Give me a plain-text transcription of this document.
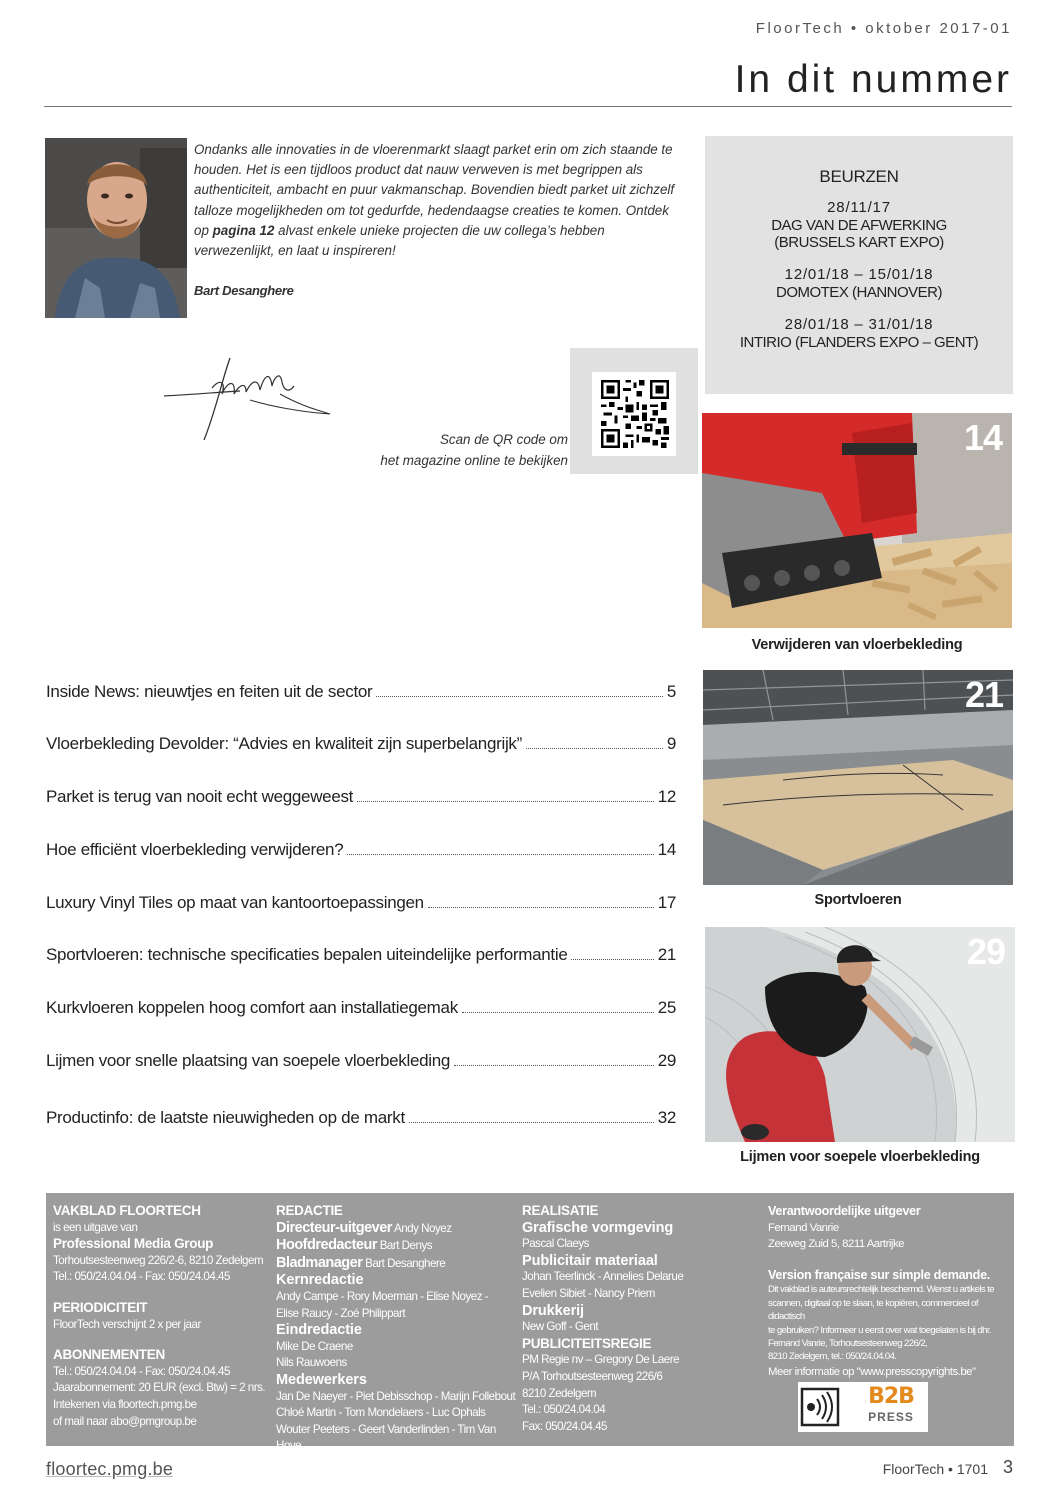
FloorTech • oktober 2017-01
In dit nummer

Ondanks alle innovaties in de vloerenmarkt slaagt parket erin om zich staande te houden. Het is een tijdloos product dat nauw verweven is met begrippen als authenticiteit, ambacht en puur vakmanschap. Bovendien biedt parket uit zichzelf talloze mogelijkheden om tot gedurfde, hedendaagse creaties te komen. Ontdek op pagina 12 alvast enkele unieke projecten die uw collega’s hebben verwezenlijkt, en laat u inspireren!

Bart Desanghere
Scan de QR code om
het magazine online te bekijken
BEURZEN
28/11/17
DAG VAN DE AFWERKING
(BRUSSELS KART EXPO)
12/01/18 – 15/01/18
DOMOTEX (HANNOVER)
28/01/18 – 31/01/18
INTIRIO (FLANDERS EXPO – GENT)
14
Verwijderen van vloerbekleding
21
Sportvloeren
29
Lijmen voor soepele vloerbekleding
Inside News: nieuwtjes en feiten uit de sector	5
Vloerbekleding Devolder: “Advies en kwaliteit zijn superbelangrijk”	9
Parket is terug van nooit echt weggeweest	12
Hoe efficiënt vloerbekleding verwijderen?	14
Luxury Vinyl Tiles op maat van kantoortoepassingen	17
Sportvloeren: technische specificaties bepalen uiteindelijke performantie	21
Kurkvloeren koppelen hoog comfort aan installatiegemak	25
Lijmen voor snelle plaatsing van soepele vloerbekleding	29
Productinfo: de laatste nieuwigheden op de markt	32
VAKBLAD FLOORTECH
is een uitgave van
Professional Media Group
Torhoutsesteenweg 226/2-6, 8210 Zedelgem
Tel.: 050/24.04.04 - Fax: 050/24.04.45
PERIODICITEIT
FloorTech verschijnt 2 x per jaar
ABONNEMENTEN
Tel.: 050/24.04.04 - Fax: 050/24.04.45
Jaarabonnement: 20 EUR (excl. Btw) = 2 nrs.
Intekenen via floortech.pmg.be
of mail naar abo@pmgroup.be
REDACTIE
Directeur-uitgever Andy Noyez
Hoofdredacteur Bart Denys
Bladmanager Bart Desanghere
Kernredactie
Andy Campe - Rory Moerman - Elise Noyez -
Elise Raucy - Zoé Philippart
Eindredactie
Mike De Craene
Nils Rauwoens
Medewerkers
Jan De Naeyer - Piet Debisschop - Marijn Follebout
Chloé Martin - Tom Mondelaers - Luc Ophals
Wouter Peeters - Geert Vanderlinden - Tim Van Hove
REALISATIE
Grafische vormgeving
Pascal Claeys
Publicitair materiaal
Johan Teerlinck - Annelies Delarue
Evelien Sibiet - Nancy Priem
Drukkerij
New Goff - Gent
PUBLICITEITSREGIE
PM Regie nv – Gregory De Laere
P/A Torhoutsesteenweg 226/6
8210 Zedelgem
Tel.: 050/24.04.04
Fax: 050/24.04.45
Verantwoordelijke uitgever
Fernand Vanrie
Zeeweg Zuid 5, 8211 Aartrijke
Version française sur simple demande.
Dit vakblad is auteursrechtelijk beschermd. Wenst u artikels te
scannen, digitaal op te slaan, te kopiëren, commercieel of didactisch
te gebruiken? Informeer u eerst over wat toegelaten is bij dhr.
Fernand Vanrie, Torhoutsesteenweg 226/2,
8210 Zedelgem, tel.: 050/24.04.04.
Meer informatie op "www.presscopyrights.be"
B2B
PRESS
floortec.pmg.be	FloorTech • 1701 3
